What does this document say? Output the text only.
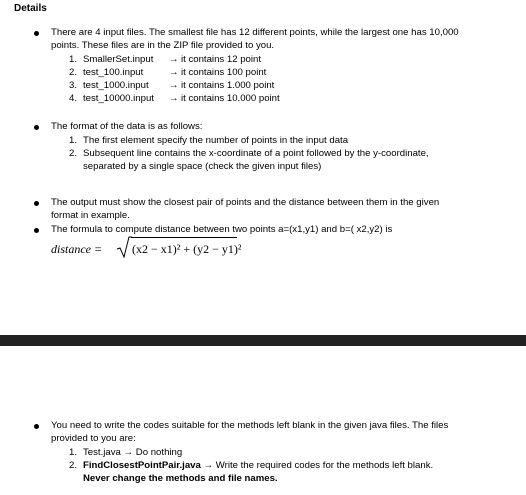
Details
There are 4 input files. The smallest file has 12 different points, while the largest one has 10,000
points. These files are in the ZIP file provided to you.
1. SmallerSet.input → it contains 12 point
2. test_100.input	→ it contains 100 point
3. test_1000.input → it contains 1.000 point
4. test_10000.input → it contains 10.000 point
The format of the data is as follows:
1. The first element specify the number of points in the input data
2. Subsequent line contains the x-coordinate of a point followed by the y-coordinate,
separated by a single space (check the given input files)
The output must show the closest pair of points and the distance between them in the given
format in example.
The formula to compute distance between two points a=(x1,y1) and b=( x2,y2) is
distance = (x2 − x1)² + (y2 − y1)²
You need to write the codes suitable for the methods left blank in the given java files. The files
provided to you are:
1. Test.java → Do nothing
2. FindClosestPointPair.java → Write the required codes for the methods left blank.
Never change the methods and file names.
